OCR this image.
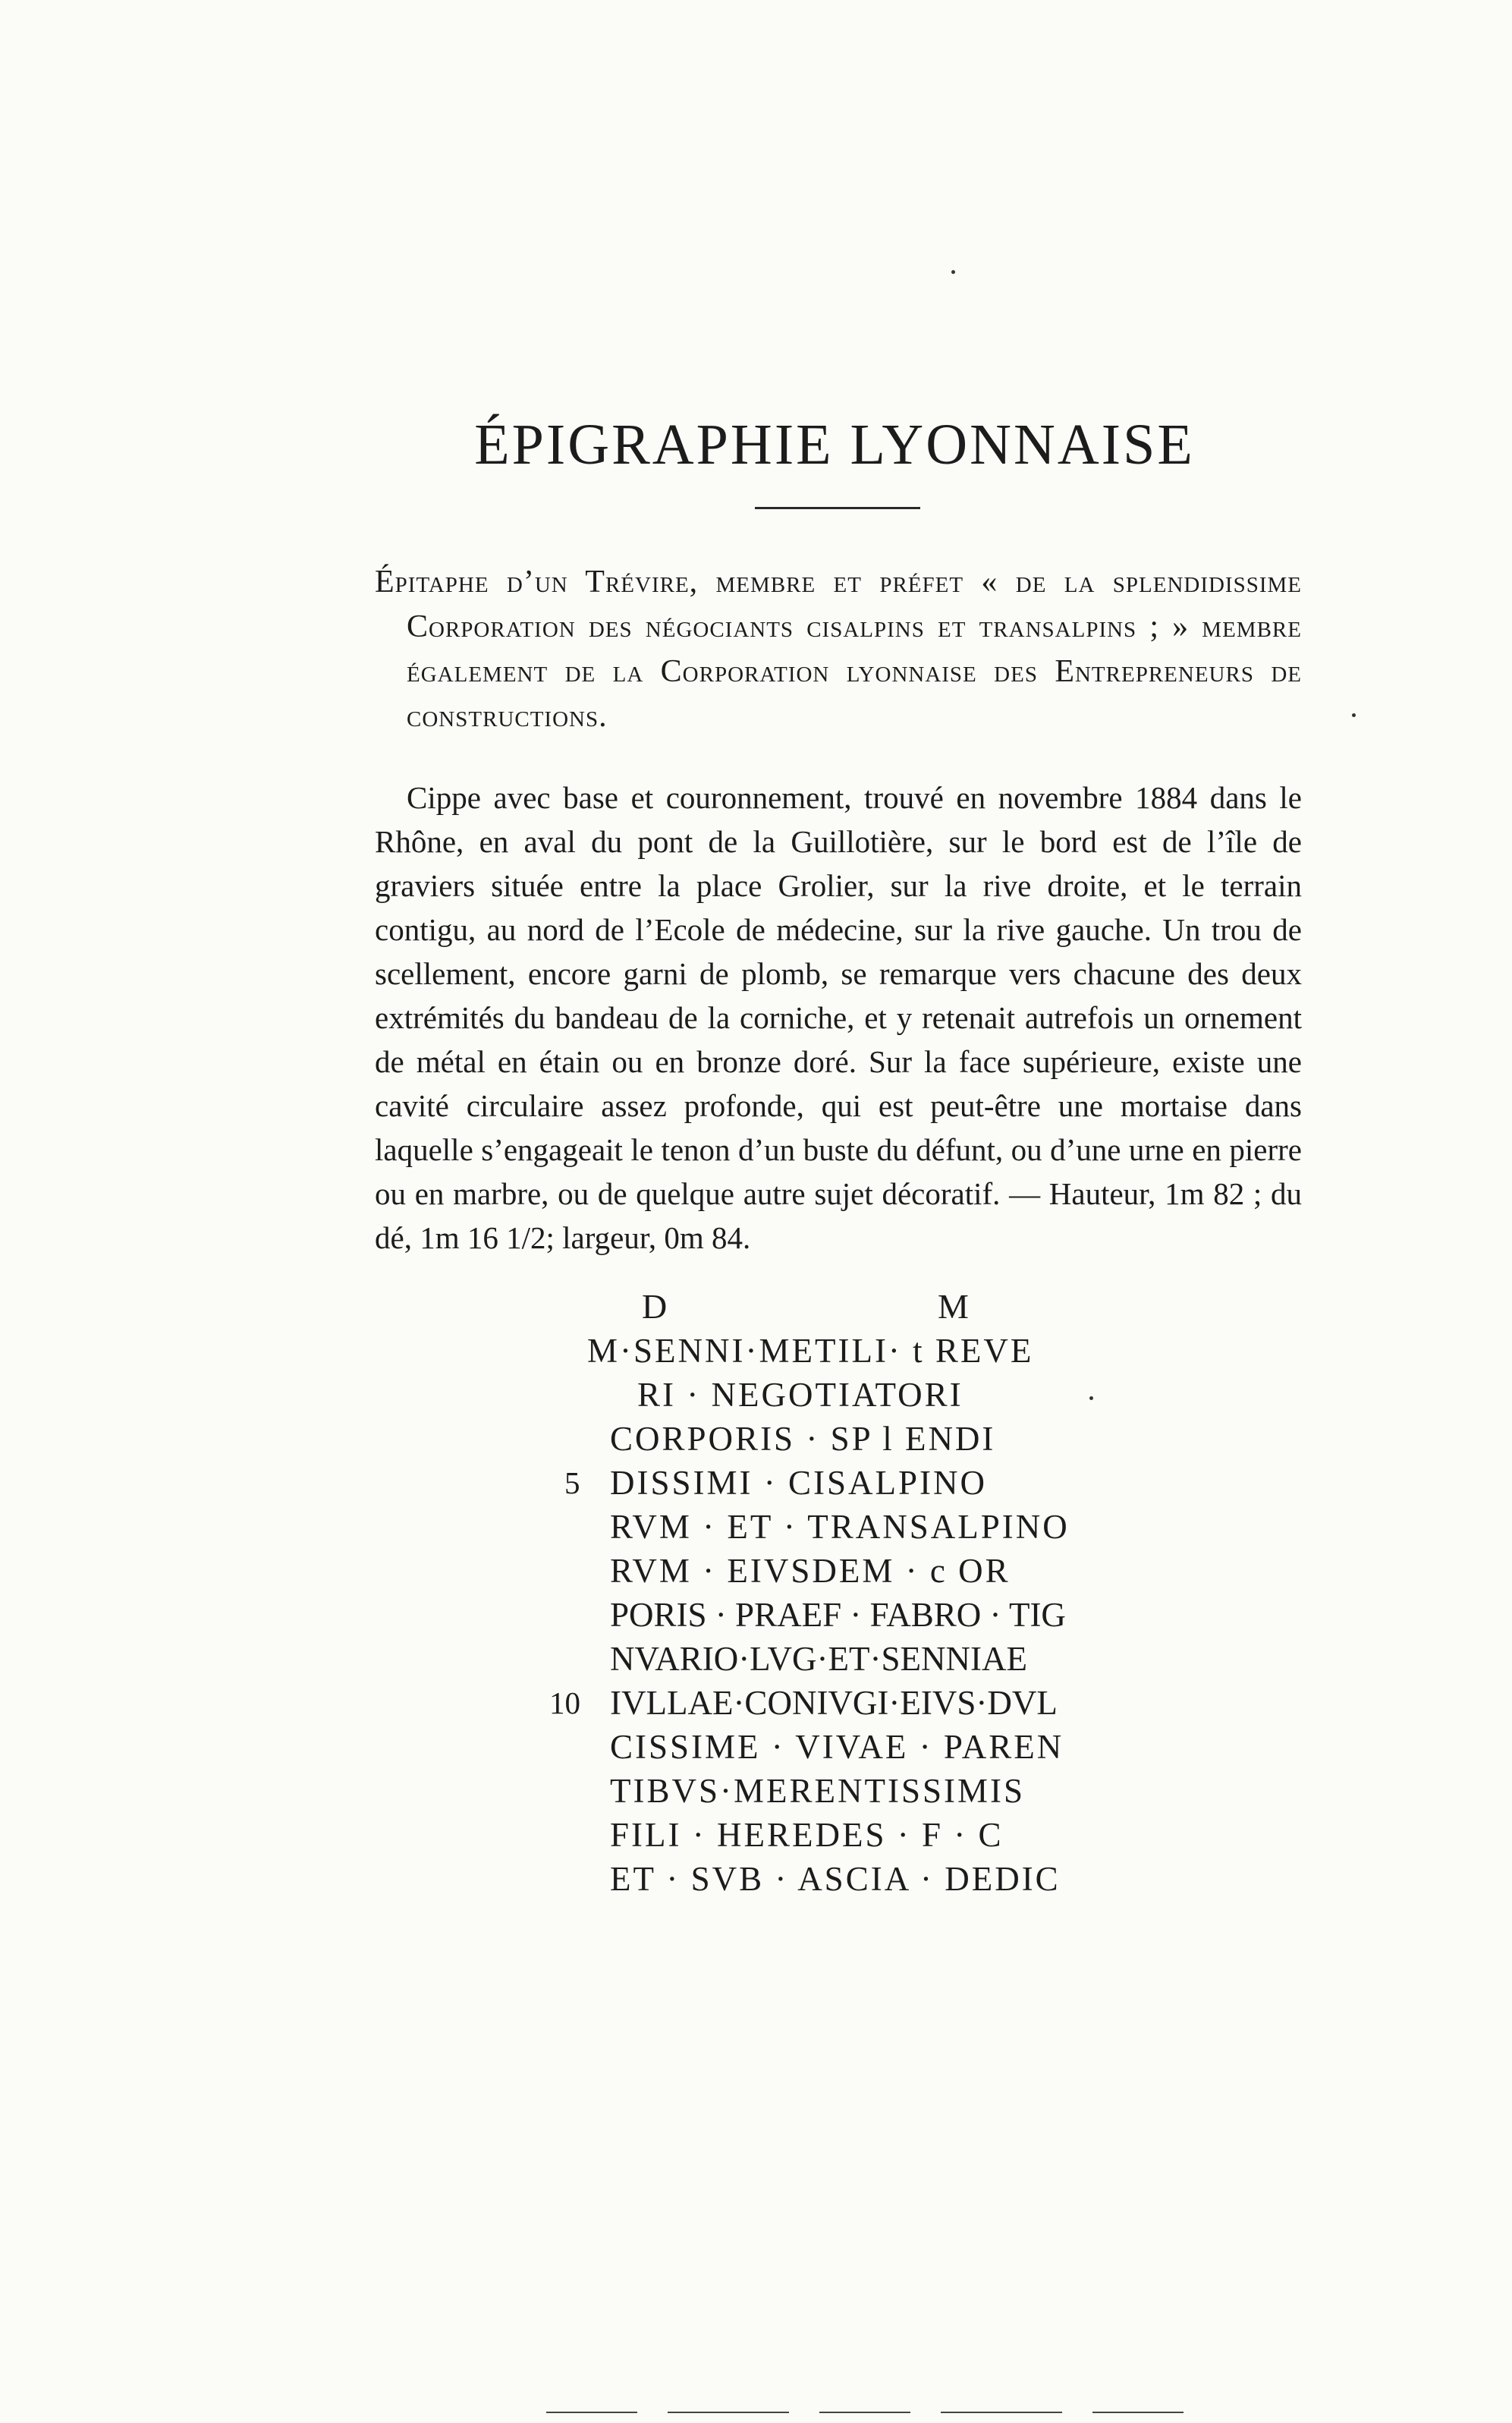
ÉPIGRAPHIE LYONNAISE
Épitaphe d’un Trévire, membre et préfet « de la splendidissime Corporation des négociants cisalpins et transalpins ; » membre également de la Corporation lyonnaise des Entrepreneurs de constructions.
Cippe avec base et couronnement, trouvé en novembre 1884 dans le Rhône, en aval du pont de la Guillotière, sur le bord est de l’île de graviers située entre la place Grolier, sur la rive droite, et le terrain contigu, au nord de l’Ecole de médecine, sur la rive gauche. Un trou de scellement, encore garni de plomb, se remarque vers chacune des deux extrémités du bandeau de la corniche, et y retenait autrefois un ornement de métal en étain ou en bronze doré. Sur la face supérieure, existe une cavité circulaire assez profonde, qui est peut-être une mortaise dans laquelle s’engageait le tenon d’un buste du défunt, ou d’une urne en pierre ou en marbre, ou de quelque autre sujet décoratif. — Hauteur, 1m 82 ; du dé, 1m 16 1/2; largeur, 0m 84.
D	M
M·SENNI·METILI· t REVE
RI · NEGOTIATORI
CORPORIS · SP l ENDI
5 DISSIMI · CISALPINO
RVM · ET · TRANSALPINO
RVM · EIVSDEM · c OR
PORIS · PRAEF · FABRO · TIG
NVARIO·LVG·ET·SENNIAE
10 IVLLAE·CONIVGI·EIVS·DVL
CISSIME · VIVAE · PAREN
TIBVS·MERENTISSIMIS
FILI · HEREDES · F · C
ET · SVB · ASCIA · DEDIC
